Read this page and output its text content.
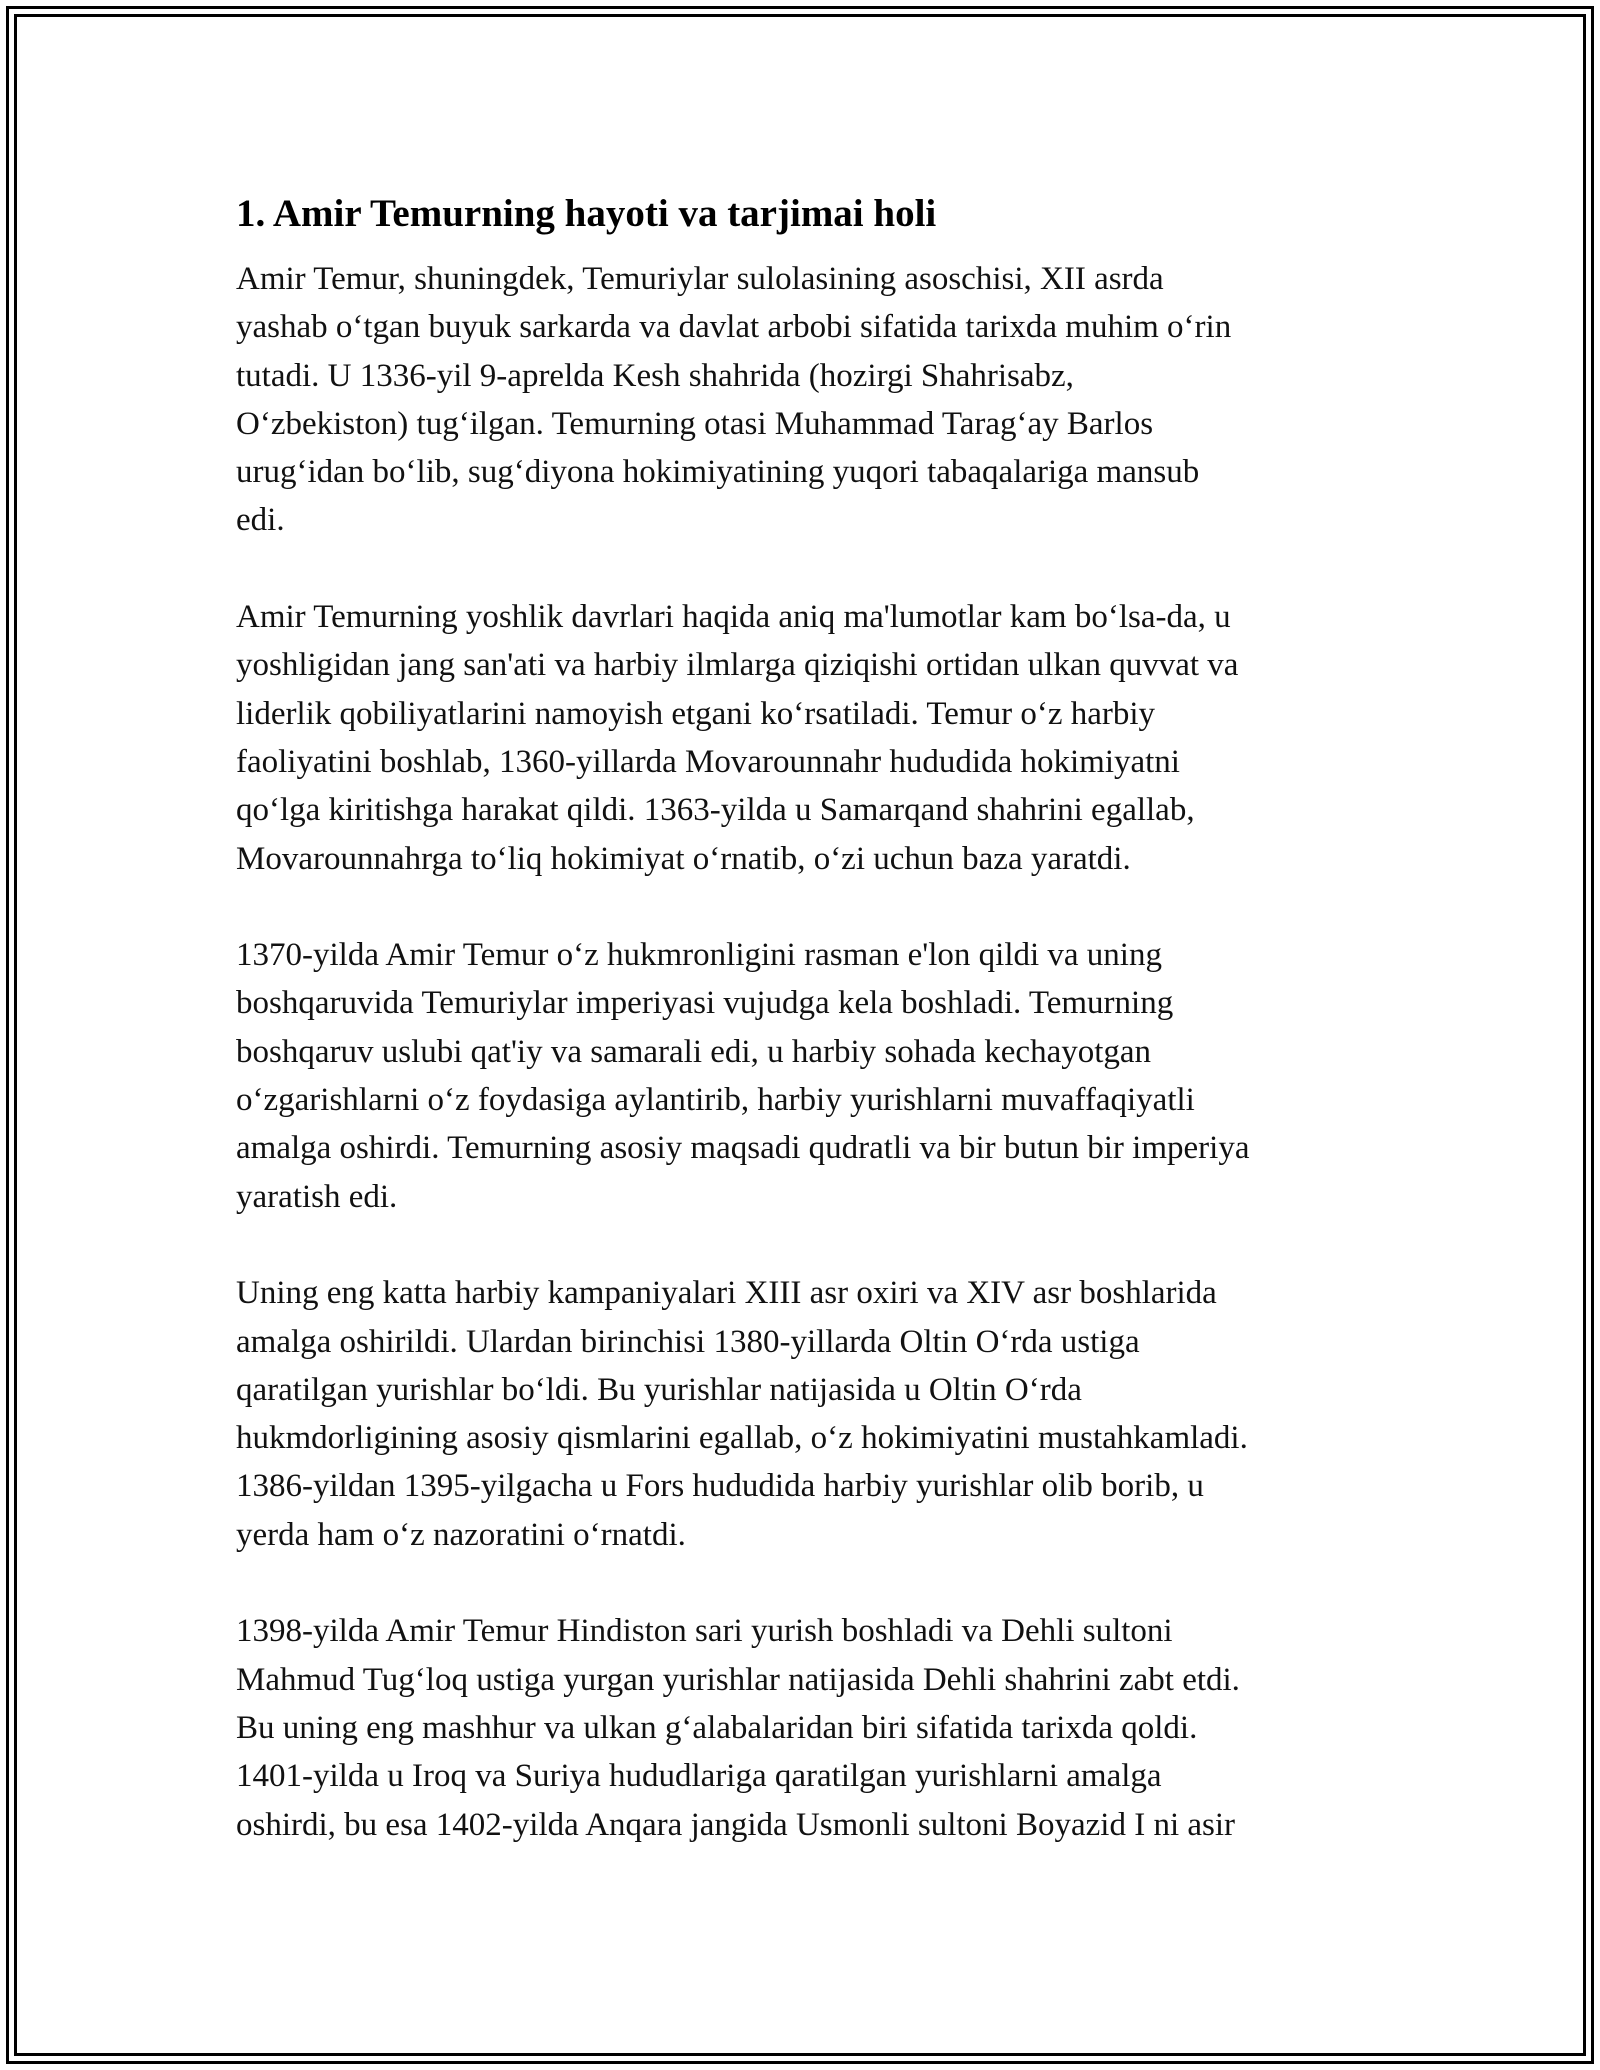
1. Amir Temurning hayoti va tarjimai holi

Amir Temur, shuningdek, Temuriylar sulolasining asoschisi, XII asrda
yashab o‘tgan buyuk sarkarda va davlat arbobi sifatida tarixda muhim o‘rin
tutadi. U 1336-yil 9-aprelda Kesh shahrida (hozirgi Shahrisabz,
O‘zbekiston) tug‘ilgan. Temurning otasi Muhammad Tarag‘ay Barlos
urug‘idan bo‘lib, sug‘diyona hokimiyatining yuqori tabaqalariga mansub
edi.

Amir Temurning yoshlik davrlari haqida aniq ma'lumotlar kam bo‘lsa-da, u
yoshligidan jang san'ati va harbiy ilmlarga qiziqishi ortidan ulkan quvvat va
liderlik qobiliyatlarini namoyish etgani ko‘rsatiladi. Temur o‘z harbiy
faoliyatini boshlab, 1360-yillarda Movarounnahr hududida hokimiyatni
qo‘lga kiritishga harakat qildi. 1363-yilda u Samarqand shahrini egallab,
Movarounnahrga to‘liq hokimiyat o‘rnatib, o‘zi uchun baza yaratdi.

1370-yilda Amir Temur o‘z hukmronligini rasman e'lon qildi va uning
boshqaruvida Temuriylar imperiyasi vujudga kela boshladi. Temurning
boshqaruv uslubi qat'iy va samarali edi, u harbiy sohada kechayotgan
o‘zgarishlarni o‘z foydasiga aylantirib, harbiy yurishlarni muvaffaqiyatli
amalga oshirdi. Temurning asosiy maqsadi qudratli va bir butun bir imperiya
yaratish edi.

Uning eng katta harbiy kampaniyalari XIII asr oxiri va XIV asr boshlarida
amalga oshirildi. Ulardan birinchisi 1380-yillarda Oltin O‘rda ustiga
qaratilgan yurishlar bo‘ldi. Bu yurishlar natijasida u Oltin O‘rda
hukmdorligining asosiy qismlarini egallab, o‘z hokimiyatini mustahkamladi.
1386-yildan 1395-yilgacha u Fors hududida harbiy yurishlar olib borib, u
yerda ham o‘z nazoratini o‘rnatdi.

1398-yilda Amir Temur Hindiston sari yurish boshladi va Dehli sultoni
Mahmud Tug‘loq ustiga yurgan yurishlar natijasida Dehli shahrini zabt etdi.
Bu uning eng mashhur va ulkan g‘alabalaridan biri sifatida tarixda qoldi.
1401-yilda u Iroq va Suriya hududlariga qaratilgan yurishlarni amalga
oshirdi, bu esa 1402-yilda Anqara jangida Usmonli sultoni Boyazid I ni asir
